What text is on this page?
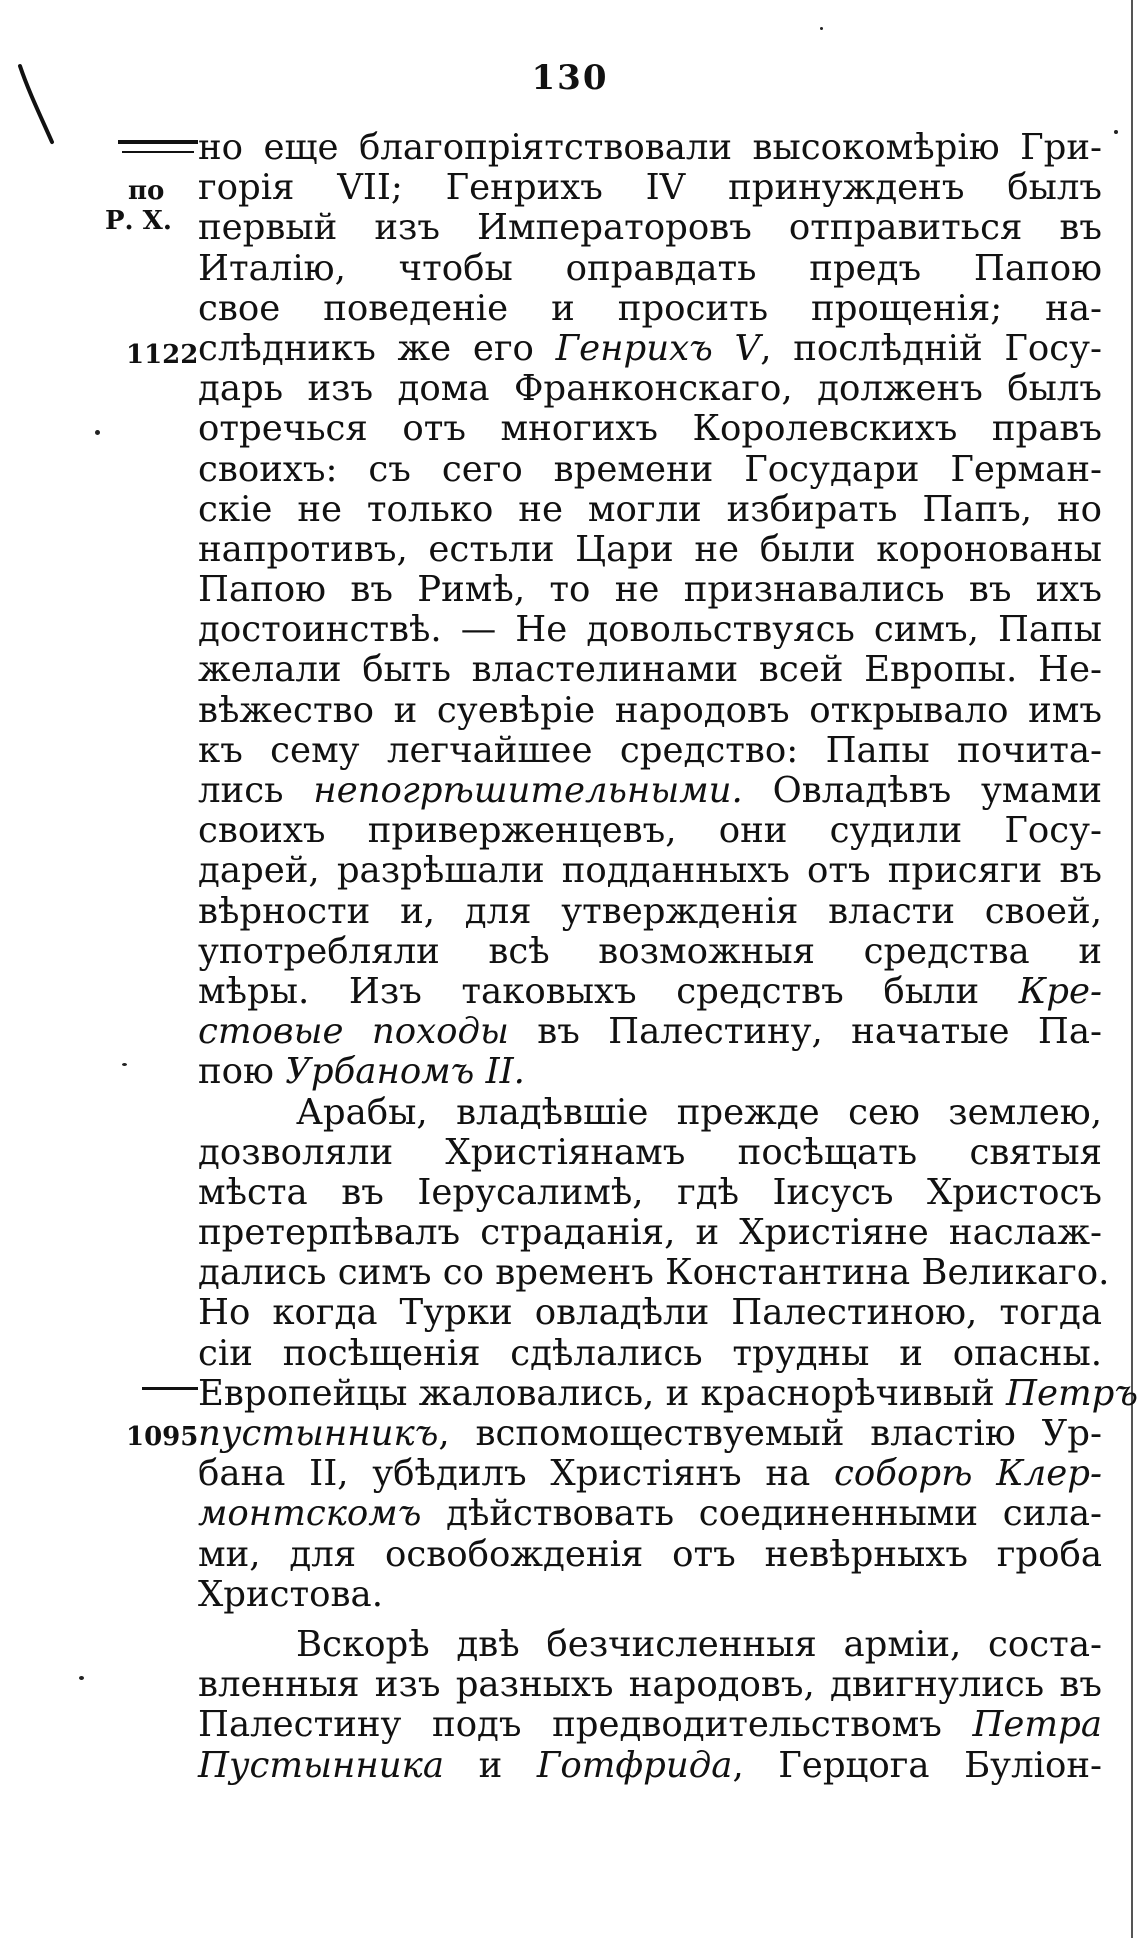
130
по
Р. Х.
1122
1095
но еще благопріятствовали высокомѣрію Гри-
горія VII; Генрихъ IV принужденъ былъ
первый изъ Императоровъ отправиться въ
Италію, чтобы оправдать предъ Папою
свое поведеніе и просить прощенія; на-
слѣдникъ же его Генрихъ V, послѣдній Госу-
дарь изъ дома Франконскаго, долженъ былъ
отречься отъ многихъ Королевскихъ правъ
своихъ: съ сего времени Государи Герман-
скіе не только не могли избирать Папъ, но
напротивъ, естьли Цари не были коронованы
Папою въ Римѣ, то не признавались въ ихъ
достоинствѣ. — Не довольствуясь симъ, Папы
желали быть властелинами всей Европы. Не-
вѣжество и суевѣріе народовъ открывало имъ
къ сему легчайшее средство: Папы почита-
лись непогрѣшительными. Овладѣвъ умами
своихъ приверженцевъ, они судили Госу-
дарей, разрѣшали подданныхъ отъ присяги въ
вѣрности и, для утвержденія власти своей,
употребляли всѣ возможныя средства и
мѣры. Изъ таковыхъ средствъ были Кре-
стовые походы въ Палестину, начатые Па-
пою Урбаномъ II.
Арабы, владѣвшіе прежде сею землею,
дозволяли Христіянамъ посѣщать святыя
мѣста въ Іерусалимѣ, гдѣ Іисусъ Христосъ
претерпѣвалъ страданія, и Христіяне наслаж-
дались симъ со временъ Константина Великаго.
Но когда Турки овладѣли Палестиною, тогда
сіи посѣщенія сдѣлались трудны и опасны.
Европейцы жаловались, и краснорѣчивый Петръ
пустынникъ, вспомоществуемый властію Ур-
бана II, убѣдилъ Христіянъ на соборѣ Клер-
монтскомъ дѣйствовать соединенными сила-
ми, для освобожденія отъ невѣрныхъ гроба
Христова.
Вскорѣ двѣ безчисленныя арміи, соста-
вленныя изъ разныхъ народовъ, двигнулись въ
Палестину подъ предводительствомъ Петра
Пустынника и Готфрида, Герцога Буліон-
